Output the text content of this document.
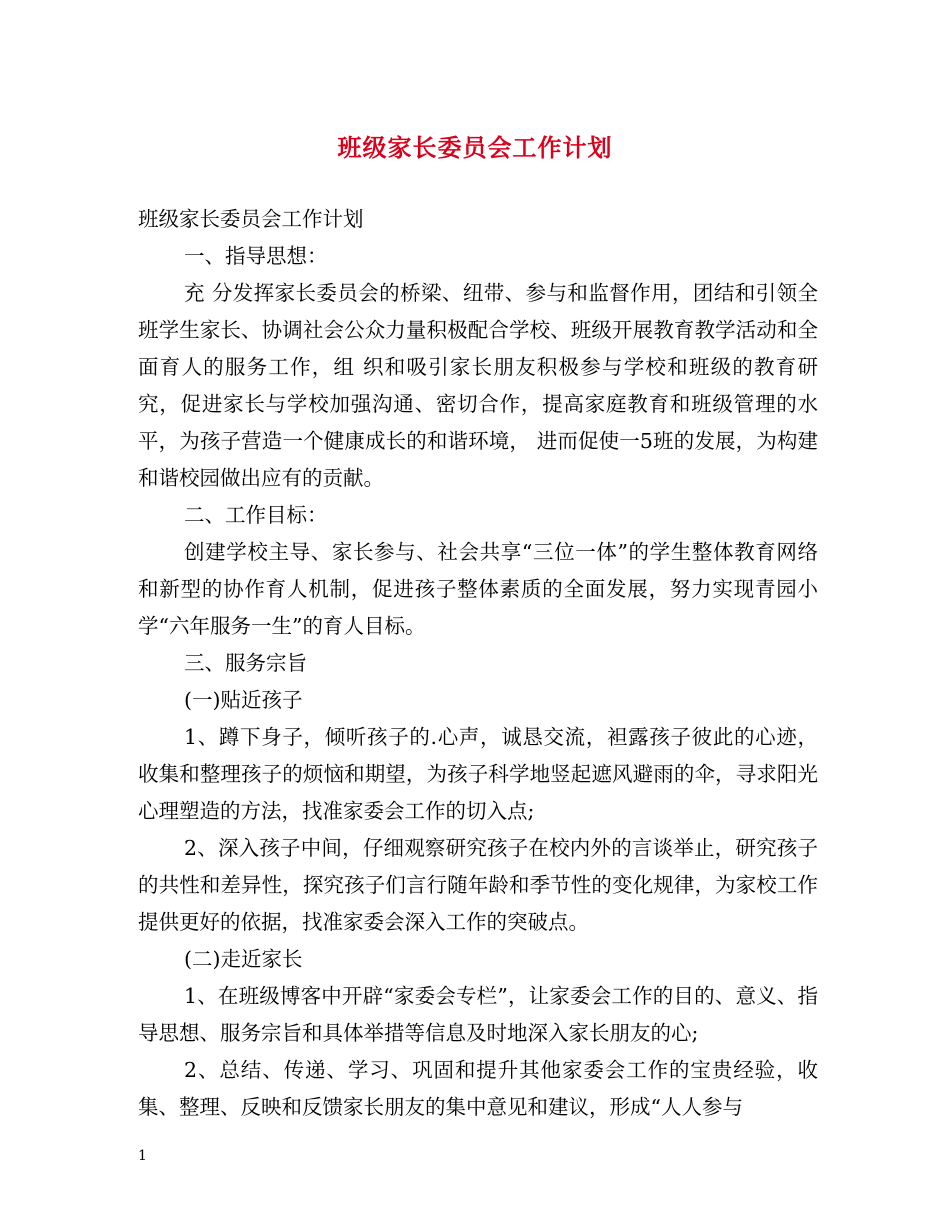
班级家长委员会工作计划

班级家长委员会工作计划

一、指导思想：

充 分发挥家长委员会的桥梁、纽带、参与和监督作用，团结和引领全班学生家长、协调社会公众力量积极配合学校、班级开展教育教学活动和全面育人的服务工作，组 织和吸引家长朋友积极参与学校和班级的教育研究，促进家长与学校加强沟通、密切合作，提高家庭教育和班级管理的水平，为孩子营造一个健康成长的和谐环境， 进而促使一5班的发展，为构建和谐校园做出应有的贡献。

二、工作目标：

创建学校主导、家长参与、社会共享“三位一体”的学生整体教育网络和新型的协作育人机制，促进孩子整体素质的全面发展，努力实现青园小学“六年服务一生”的育人目标。

三、服务宗旨

(一)贴近孩子

1、蹲下身子，倾听孩子的.心声，诚恳交流，袒露孩子彼此的心迹，收集和整理孩子的烦恼和期望，为孩子科学地竖起遮风避雨的伞，寻求阳光心理塑造的方法，找准家委会工作的切入点;

2、深入孩子中间，仔细观察研究孩子在校内外的言谈举止，研究孩子的共性和差异性，探究孩子们言行随年龄和季节性的变化规律，为家校工作提供更好的依据，找准家委会深入工作的突破点。

(二)走近家长

1、在班级博客中开辟“家委会专栏”，让家委会工作的目的、意义、指导思想、服务宗旨和具体举措等信息及时地深入家长朋友的心;

2、总结、传递、学习、巩固和提升其他家委会工作的宝贵经验，收集、整理、反映和反馈家长朋友的集中意见和建议，形成“人人参与

1
